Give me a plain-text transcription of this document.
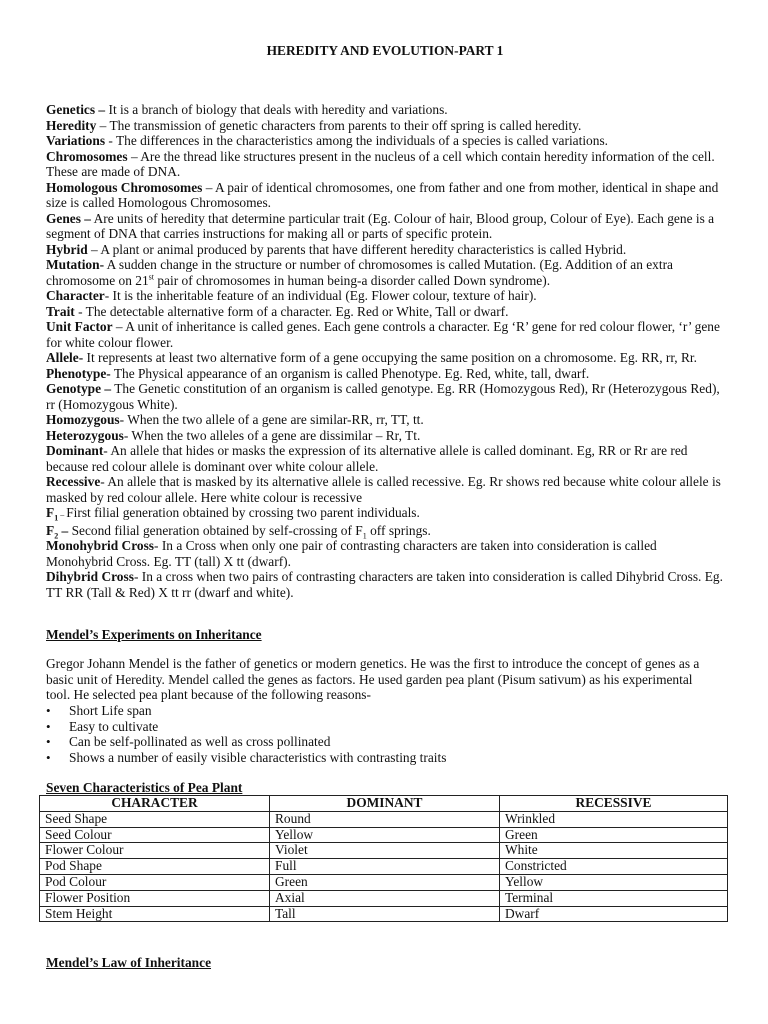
HEREDITY AND EVOLUTION-PART 1

Genetics – It is a branch of biology that deals with heredity and variations.

Heredity – The transmission of genetic characters from parents to their off spring is called heredity.

Variations - The differences in the characteristics among the individuals of a species is called variations.

Chromosomes – Are the thread like structures present in the nucleus of a cell which contain heredity information of the cell. These are made of DNA.

Homologous Chromosomes – A pair of identical chromosomes, one from father and one from mother, identical in shape and size is called Homologous Chromosomes.

Genes – Are units of heredity that determine particular trait (Eg. Colour of hair, Blood group, Colour of Eye). Each gene is a segment of DNA that carries instructions for making all or parts of specific protein.

Hybrid – A plant or animal produced by parents that have different heredity characteristics is called Hybrid.

Mutation- A sudden change in the structure or number of chromosomes is called Mutation. (Eg. Addition of an extra chromosome on 21st pair of chromosomes in human being-a disorder called Down syndrome).

Character- It is the inheritable feature of an individual (Eg. Flower colour, texture of hair).

Trait - The detectable alternative form of a character. Eg. Red or White, Tall or dwarf.

Unit Factor – A unit of inheritance is called genes. Each gene controls a character. Eg ‘R’ gene for red colour flower, ‘r’ gene for white colour flower.

Allele- It represents at least two alternative form of a gene occupying the same position on a chromosome. Eg. RR, rr, Rr.

Phenotype- The Physical appearance of an organism is called Phenotype. Eg. Red, white, tall, dwarf.

Genotype – The Genetic constitution of an organism is called genotype. Eg. RR (Homozygous Red), Rr (Heterozygous Red), rr (Homozygous White).

Homozygous- When the two allele of a gene are similar-RR, rr, TT, tt.

Heterozygous- When the two alleles of a gene are dissimilar – Rr, Tt.

Dominant- An allele that hides or masks the expression of its alternative allele is called dominant. Eg, RR or Rr are red because red colour allele is dominant over white colour allele.

Recessive- An allele that is masked by its alternative allele is called recessive. Eg. Rr shows red because white colour allele is masked by red colour allele. Here white colour is recessive

$F_1$ – First filial generation obtained by crossing two parent individuals.

$F_2$ – Second filial generation obtained by self-crossing of $F_1$ off springs.

Monohybrid Cross- In a Cross when only one pair of contrasting characters are taken into consideration is called Monohybrid Cross. Eg. TT (tall) X tt (dwarf).

Dihybrid Cross- In a cross when two pairs of contrasting characters are taken into consideration is called Dihybrid Cross. Eg. TT RR (Tall & Red) X tt rr (dwarf and white).

Mendel’s Experiments on Inheritance
Gregor Johann Mendel is the father of genetics or modern genetics. He was the first to introduce the concept of genes as a basic unit of Heredity. Mendel called the genes as factors. He used garden pea plant (Pisum sativum) as his experimental tool. He selected pea plant because of the following reasons-
• Short Life span
• Easy to cultivate
• Can be self-pollinated as well as cross pollinated
• Shows a number of easily visible characteristics with contrasting traits
Seven Characteristics of Pea Plant
CHARACTER	DOMINANT	RECESSIVE
Seed Shape	Round	Wrinkled
Seed Colour	Yellow	Green
Flower Colour	Violet	White
Pod Shape	Full	Constricted
Pod Colour	Green	Yellow
Flower Position	Axial	Terminal
Stem Height	Tall	Dwarf
Mendel’s Law of Inheritance
